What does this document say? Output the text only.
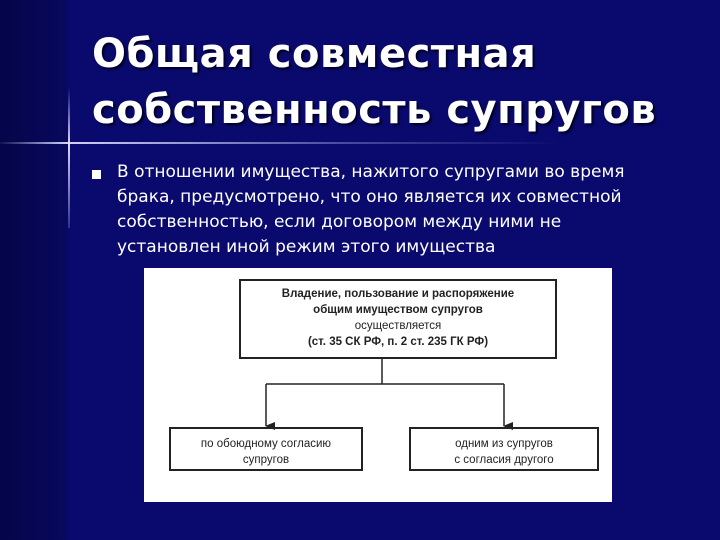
Общая совместная
собственность супругов
В отношении имущества, нажитого супругами во время
брака, предусмотрено, что оно является их совместной
собственностью, если договором между ними не
установлен иной режим этого имущества
Владение, пользование и распоряжение
общим имуществом супругов
осуществляется
(ст. 35 СК РФ, п. 2 ст. 235 ГК РФ)
по обоюдному согласию
супругов
одним из супругов
с согласия другого
